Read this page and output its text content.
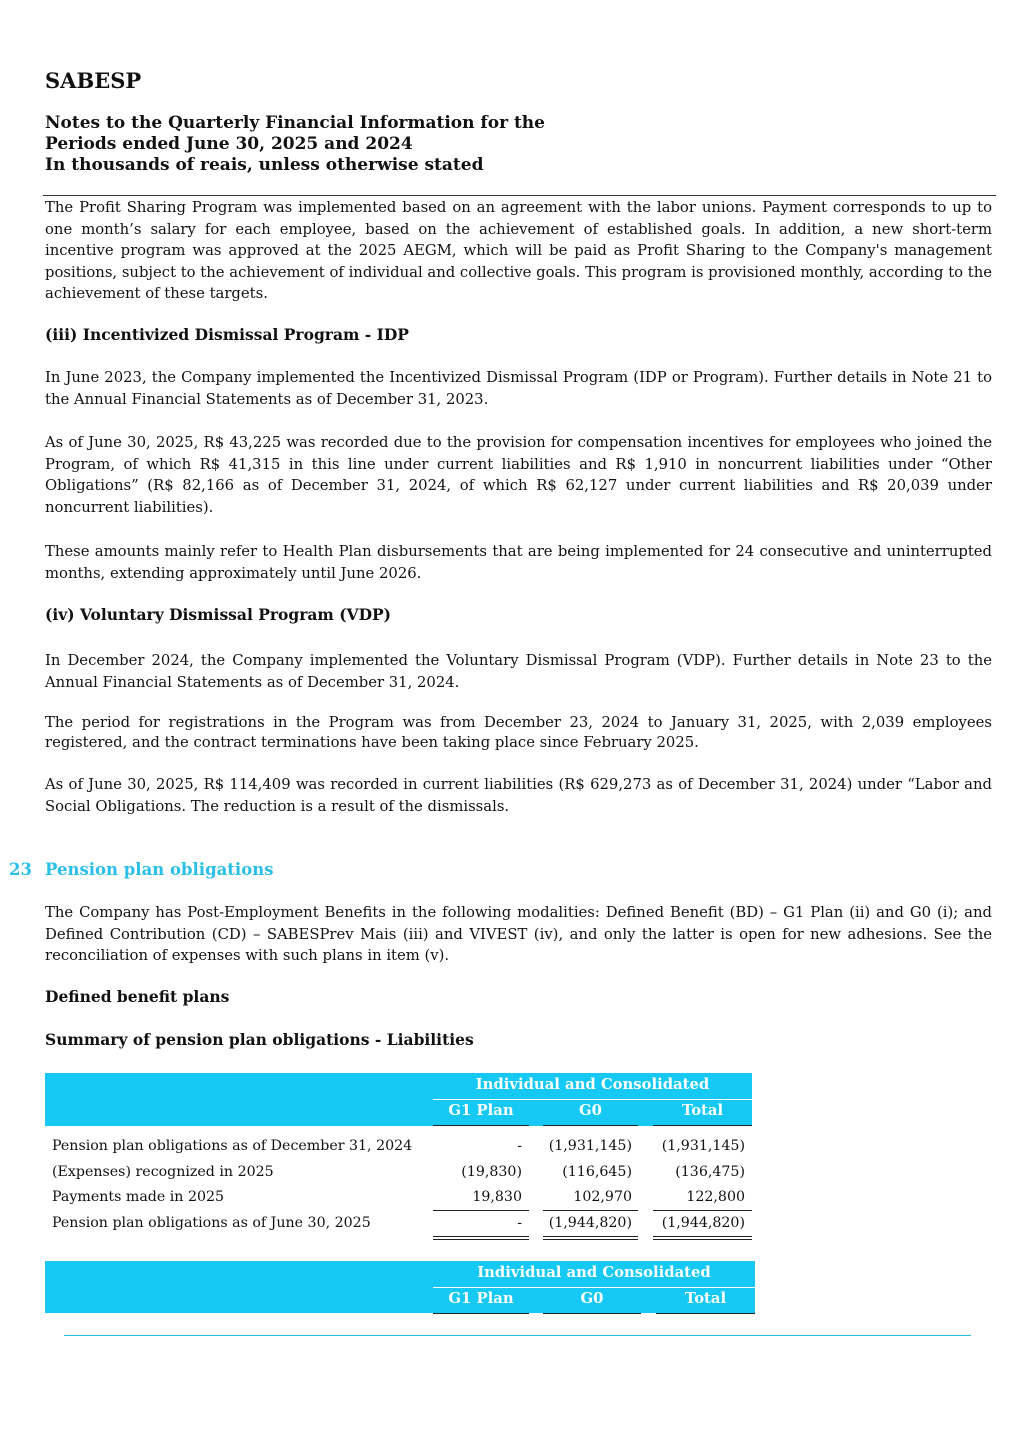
SABESP
Notes to the Quarterly Financial Information for the
Periods ended June 30, 2025 and 2024
In thousands of reais, unless otherwise stated
The Profit Sharing Program was implemented based on an agreement with the labor unions. Payment corresponds to up to one month’s salary for each employee, based on the achievement of established goals. In addition, a new short-term incentive program was approved at the 2025 AEGM, which will be paid as Profit Sharing to the Company's management positions, subject to the achievement of individual and collective goals. This program is provisioned monthly, according to the achievement of these targets.
(iii) Incentivized Dismissal Program - IDP
In June 2023, the Company implemented the Incentivized Dismissal Program (IDP or Program). Further details in Note 21 to the Annual Financial Statements as of December 31, 2023.
As of June 30, 2025, R$ 43,225 was recorded due to the provision for compensation incentives for employees who joined the Program, of which R$ 41,315 in this line under current liabilities and R$ 1,910 in noncurrent liabilities under “Other Obligations” (R$ 82,166 as of December 31, 2024, of which R$ 62,127 under current liabilities and R$ 20,039 under noncurrent liabilities).
These amounts mainly refer to Health Plan disbursements that are being implemented for 24 consecutive and uninterrupted months, extending approximately until June 2026.
(iv) Voluntary Dismissal Program (VDP)
In December 2024, the Company implemented the Voluntary Dismissal Program (VDP). Further details in Note 23 to the Annual Financial Statements as of December 31, 2024.
The period for registrations in the Program was from December 23, 2024 to January 31, 2025, with 2,039 employees registered, and the contract terminations have been taking place since February 2025.
As of June 30, 2025, R$ 114,409 was recorded in current liabilities (R$ 629,273 as of December 31, 2024) under “Labor and Social Obligations. The reduction is a result of the dismissals.
23 Pension plan obligations
The Company has Post-Employment Benefits in the following modalities: Defined Benefit (BD) – G1 Plan (ii) and G0 (i); and Defined Contribution (CD) – SABESPrev Mais (iii) and VIVEST (iv), and only the latter is open for new adhesions. See the reconciliation of expenses with such plans in item (v).
Defined benefit plans
Summary of pension plan obligations - Liabilities
Individual and Consolidated
G1 Plan	G0	Total
Pension plan obligations as of December 31, 2024	-	(1,931,145)	(1,931,145)
(Expenses) recognized in 2025	(19,830)	(116,645)	(136,475)
Payments made in 2025	19,830	102,970	122,800
Pension plan obligations as of June 30, 2025	-	(1,944,820)	(1,944,820)
Individual and Consolidated
G1 Plan	G0	Total
